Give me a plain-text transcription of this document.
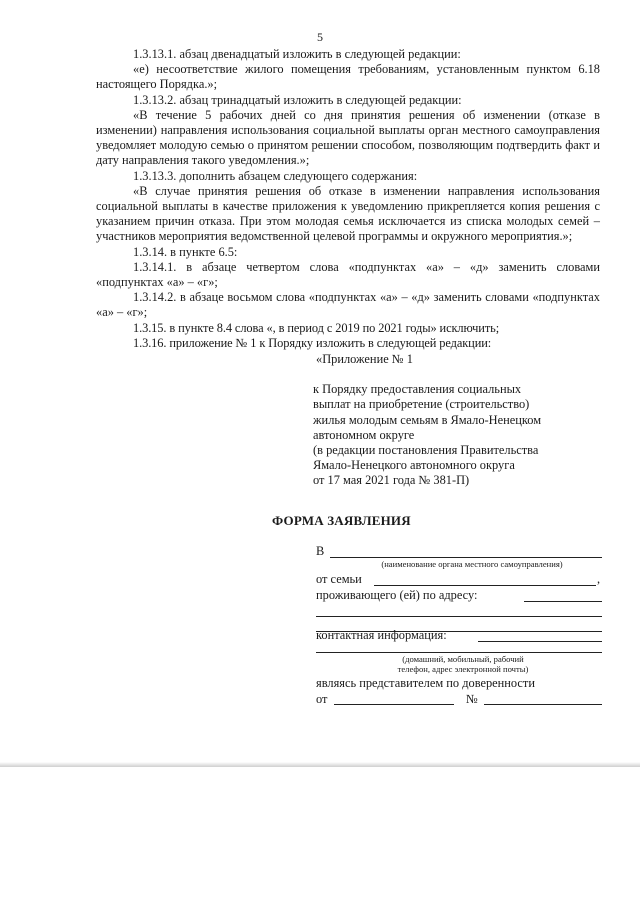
5

1.3.13.1. абзац двенадцатый изложить в следующей редакции:

«е) несоответствие жилого помещения требованиям, установленным пунктом 6.18 настоящего Порядка.»;

1.3.13.2. абзац тринадцатый изложить в следующей редакции:

«В течение 5 рабочих дней со дня принятия решения об изменении (отказе в изменении) направления использования социальной выплаты орган местного самоуправления уведомляет молодую семью о принятом решении способом, позволяющим подтвердить факт и дату направления такого уведомления.»;

1.3.13.3. дополнить абзацем следующего содержания:

«В случае принятия решения об отказе в изменении направления использования социальной выплаты в качестве приложения к уведомлению прикрепляется копия решения с указанием причин отказа. При этом молодая семья исключается из списка молодых семей – участников мероприятия ведомственной целевой программы и окружного мероприятия.»;

1.3.14. в пункте 6.5:

1.3.14.1. в абзаце четвертом слова «подпунктах «а» – «д» заменить словами «подпунктах «а» – «г»;

1.3.14.2. в абзаце восьмом слова «подпунктах «а» – «д» заменить словами «подпунктах «а» – «г»;

1.3.15. в пункте 8.4 слова «, в период с 2019 по 2021 годы» исключить;

1.3.16. приложение № 1 к Порядку изложить в следующей редакции:

«Приложение № 1
к Порядку предоставления социальных
выплат на приобретение (строительство)
жилья молодым семьям в Ямало-Ненецком
автономном округе
(в редакции постановления Правительства
Ямало-Ненецкого автономного округа
от 17 мая 2021 года № 381-П)
ФОРМА ЗАЯВЛЕНИЯ
В
(наименование органа местного самоуправления)
от семьи	,
проживающего (ей) по адресу:
контактная информация:
(домашний, мобильный, рабочий
телефон, адрес электронной почты)
являясь представителем по доверенности
от	№
